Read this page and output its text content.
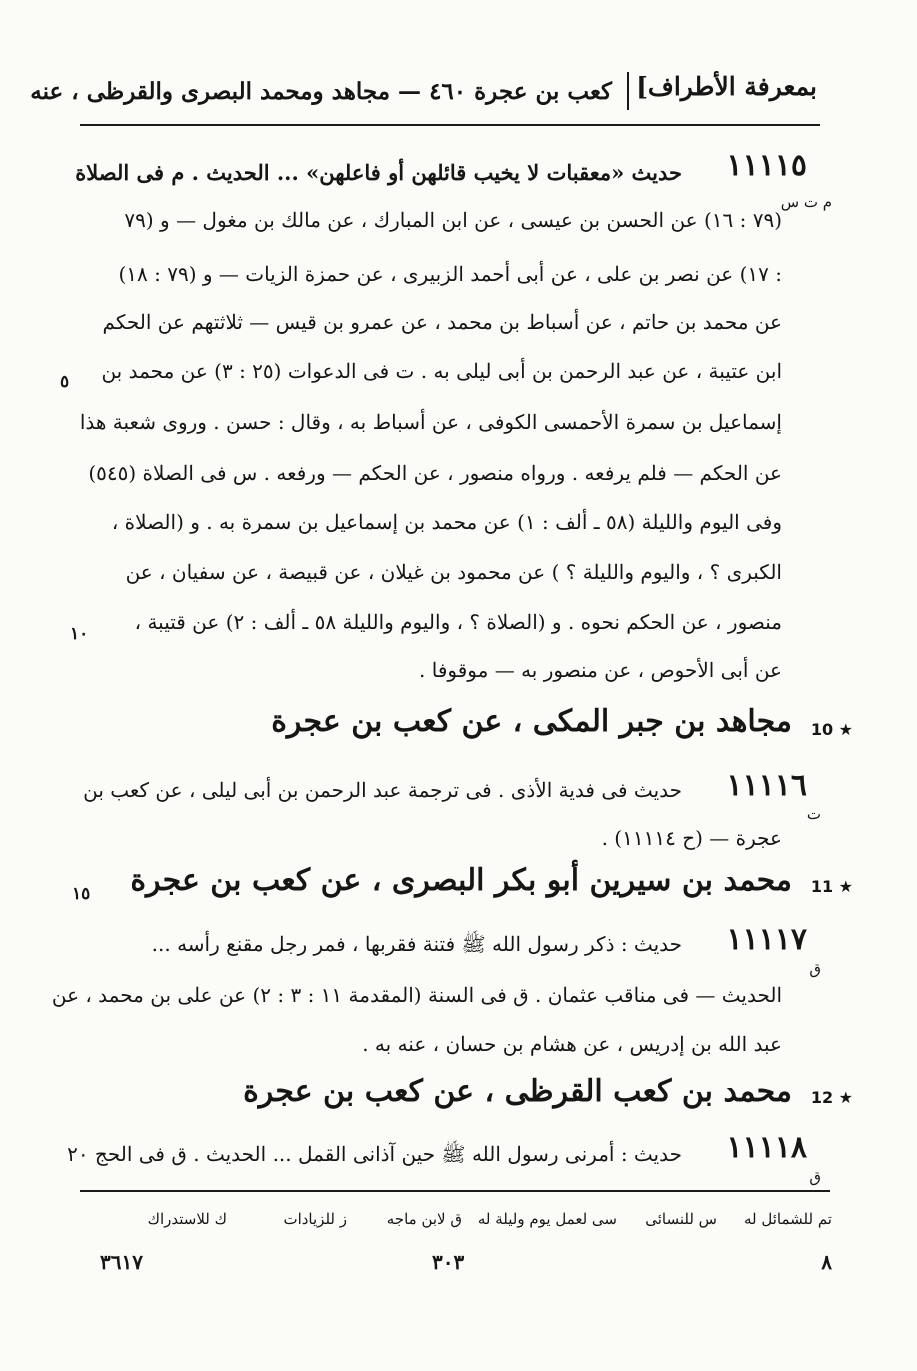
بمعرفة الأطراف]
كعب بن عجرة ٤٦٠ — مجاهد ومحمد البصرى والقرظى ، عنه
١١١١٥
م ت س
حديث «معقبات لا يخيب قائلهن أو فاعلهن» ... الحديث . م فى الصلاة
(٧٩ : ١٦) عن الحسن بن عيسى ، عن ابن المبارك ، عن مالك بن مغول — و (٧٩
: ١٧) عن نصر بن على ، عن أبى أحمد الزبيرى ، عن حمزة الزيات — و (٧٩ : ١٨)
عن محمد بن حاتم ، عن أسباط بن محمد ، عن عمرو بن قيس — ثلاثتهم عن الحكم
ابن عتيبة ، عن عبد الرحمن بن أبى ليلى به . ت فى الدعوات (٢٥ : ٣) عن محمد بن
إسماعيل بن سمرة الأحمسى الكوفى ، عن أسباط به ، وقال : حسن . وروى شعبة هذا
عن الحكم — فلم يرفعه . ورواه منصور ، عن الحكم — ورفعه . س فى الصلاة (٥٤٥)
وفى اليوم والليلة (٥٨ ـ ألف : ١) عن محمد بن إسماعيل بن سمرة به . و (الصلاة ،
الكبرى ؟ ، واليوم والليلة ؟ ) عن محمود بن غيلان ، عن قبيصة ، عن سفيان ، عن
منصور ، عن الحكم نحوه . و (الصلاة ؟ ، واليوم والليلة ٥٨ ـ ألف : ٢) عن قتيبة ،
عن أبى الأحوص ، عن منصور به — موقوفا .
٥
١٠
10 ★
مجاهد بن جبر المكى ، عن كعب بن عجرة
١١١١٦
ت
حديث فى فدية الأذى . فى ترجمة عبد الرحمن بن أبى ليلى ، عن كعب بن
عجرة — (ح ١١١١٤) .
11 ★
محمد بن سيرين أبو بكر البصرى ، عن كعب بن عجرة
١٥
١١١١٧
ق
حديث : ذكر رسول الله ﷺ فتنة فقربها ، فمر رجل مقنع رأسه ...
الحديث — فى مناقب عثمان . ق فى السنة (المقدمة ١١ : ٣ : ٢) عن على بن محمد ، عن
عبد الله بن إدريس ، عن هشام بن حسان ، عنه به .
12 ★
محمد بن كعب القرظى ، عن كعب بن عجرة
١١١١٨
ق
حديث : أمرنى رسول الله ﷺ حين آذانى القمل ... الحديث . ق فى الحج ٢٠
تم للشمائل له
س للنسائى
سى لعمل يوم وليلة له
ق لابن ماجه
ز للزيادات
ك للاستدراك
٨
٣٠٣
٣٦١٧
